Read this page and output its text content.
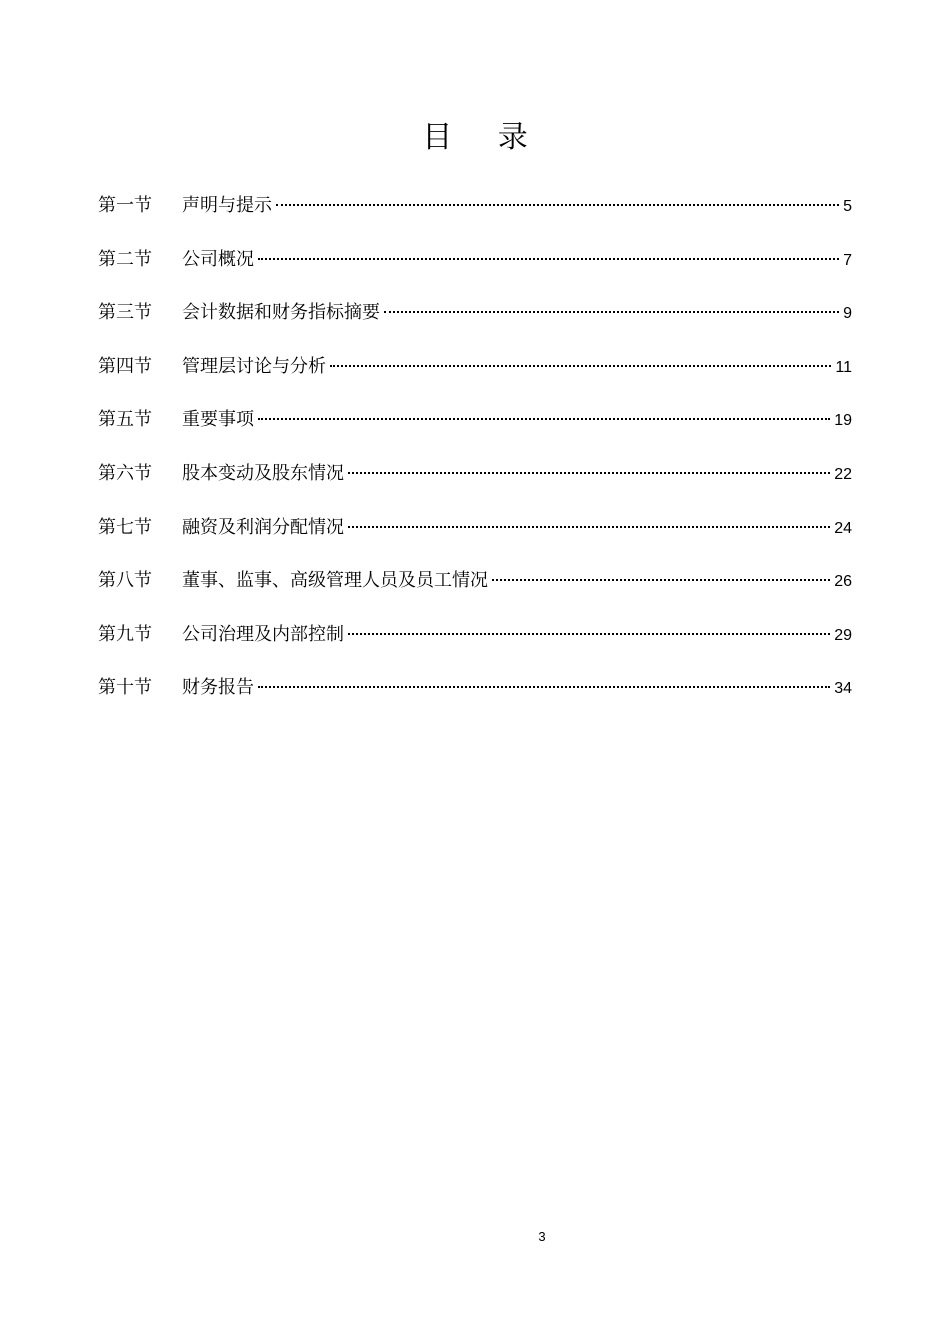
目 录
第一节	声明与提示	5
第二节	公司概况	7
第三节	会计数据和财务指标摘要	9
第四节	管理层讨论与分析	11
第五节	重要事项	19
第六节	股本变动及股东情况	22
第七节	融资及利润分配情况	24
第八节	董事、监事、高级管理人员及员工情况	26
第九节	公司治理及内部控制	29
第十节	财务报告	34
3
